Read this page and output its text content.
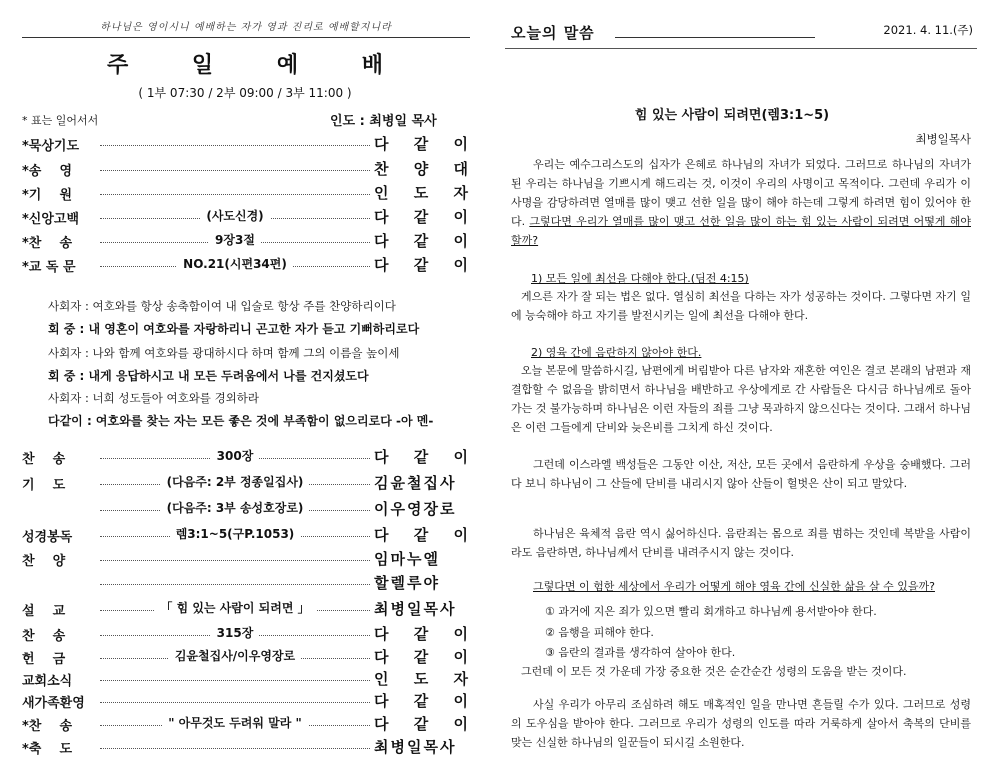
하나님은 영이시니 예배하는 자가 영과 진리로 예배할지니라
주 일 예 배
( 1부 07:30 / 2부 09:00 / 3부 11:00 )
* 표는 일어서서	인도 : 최병일 목사
*묵상기도	다 같 이
*송    영	찬 양 대
*기    원	인 도 자
*신앙고백	(사도신경)	다 같 이
*찬    송	9장3절	다 같 이
*교 독 문	NO.21(시편34편)	다 같 이
사회자 : 여호와를 항상 송축함이여 내 입술로 항상 주를 찬양하리이다
회 중 : 내 영혼이 여호와를 자랑하리니 곤고한 자가 듣고 기뻐하리로다
사회자 : 나와 함께 여호와를 광대하시다 하며 함께 그의 이름을 높이세
회 중 : 내게 응답하시고 내 모든 두려움에서 나를 건지셨도다
사회자 : 너희 성도들아 여호와를 경외하라
다같이 : 여호와를 찾는 자는 모든 좋은 것에 부족함이 없으리로다 -아 멘-
찬    송	300장	다 같 이
기    도	(다음주: 2부 정종일집사)	김윤철집사
(다음주: 3부 송성호장로)	이우영장로
성경봉독	렘3:1~5(구P.1053)	다 같 이
찬    양	임마누엘
할렐루야
설    교	「 힘 있는 사람이 되려면 」	최병일목사
찬    송	315장	다 같 이
헌    금	김윤철집사/이우영장로	다 같 이
교회소식	인 도 자
새가족환영	다 같 이
*찬    송	" 아무것도 두려워 말라 "	다 같 이
*축    도	최병일목사
오늘의 말씀	2021. 4. 11.(주)
힘 있는 사람이 되려면(렘3:1~5)
최병일목사
우리는 예수그리스도의 십자가 은혜로 하나님의 자녀가 되었다. 그러므로 하나님의 자녀가 된 우리는 하나님을 기쁘시게 해드리는 것, 이것이 우리의 사명이고 목적이다. 그런데 우리가 이 사명을 감당하려면 열매를 많이 맺고 선한 일을 많이 해야 하는데 그렇게 하려면 힘이 있어야 한다. 그렇다면 우리가 열매를 많이 맺고 선한 일을 많이 하는 힘 있는 사람이 되려면 어떻게 해야 할까?
1) 모든 일에 최선을 다해야 한다.(딤전 4:15)
게으른 자가 잘 되는 법은 없다. 열심히 최선을 다하는 자가 성공하는 것이다. 그렇다면 자기 일에 능숙해야 하고 자기를 발전시키는 일에 최선을 다해야 한다.
2) 영육 간에 음란하지 않아야 한다.
오늘 본문에 말씀하시길, 남편에게 버림받아 다른 남자와 재혼한 여인은 결코 본래의 남편과 재결합할 수 없음을 밝히면서 하나님을 배반하고 우상에게로 간 사람들은 다시금 하나님께로 돌아가는 것 불가능하며 하나님은 이런 자들의 죄를 그냥 묵과하지 않으신다는 것이다. 그래서 하나님은 이런 그들에게 단비와 늦은비를 그치게 하신 것이다.
그런데 이스라엘 백성들은 그동안 이산, 저산, 모든 곳에서 음란하게 우상을 숭배했다. 그러다 보니 하나님이 그 산들에 단비를 내리시지 않아 산들이 헐벗은 산이 되고 말았다.
하나님은 육체적 음란 역시 싫어하신다. 음란죄는 몸으로 죄를 범하는 것인데 복받을 사람이라도 음란하면, 하나님께서 단비를 내려주시지 않는 것이다.
그렇다면 이 험한 세상에서 우리가 어떻게 해야 영육 간에 신실한 삶을 살 수 있을까?
① 과거에 지은 죄가 있으면 빨리 회개하고 하나님께 용서받아야 한다.
② 음행을 피해야 한다.
③ 음란의 결과를 생각하여 살아야 한다.
그런데 이 모든 것 가운데 가장 중요한 것은 순간순간 성령의 도움을 받는 것이다.
사실 우리가 아무리 조심하려 해도 매혹적인 일을 만나면 흔들릴 수가 있다. 그러므로 성령의 도우심을 받아야 한다. 그러므로 우리가 성령의 인도를 따라 거룩하게 살아서 축복의 단비를 맞는 신실한 하나님의 일꾼들이 되시길 소원한다.
